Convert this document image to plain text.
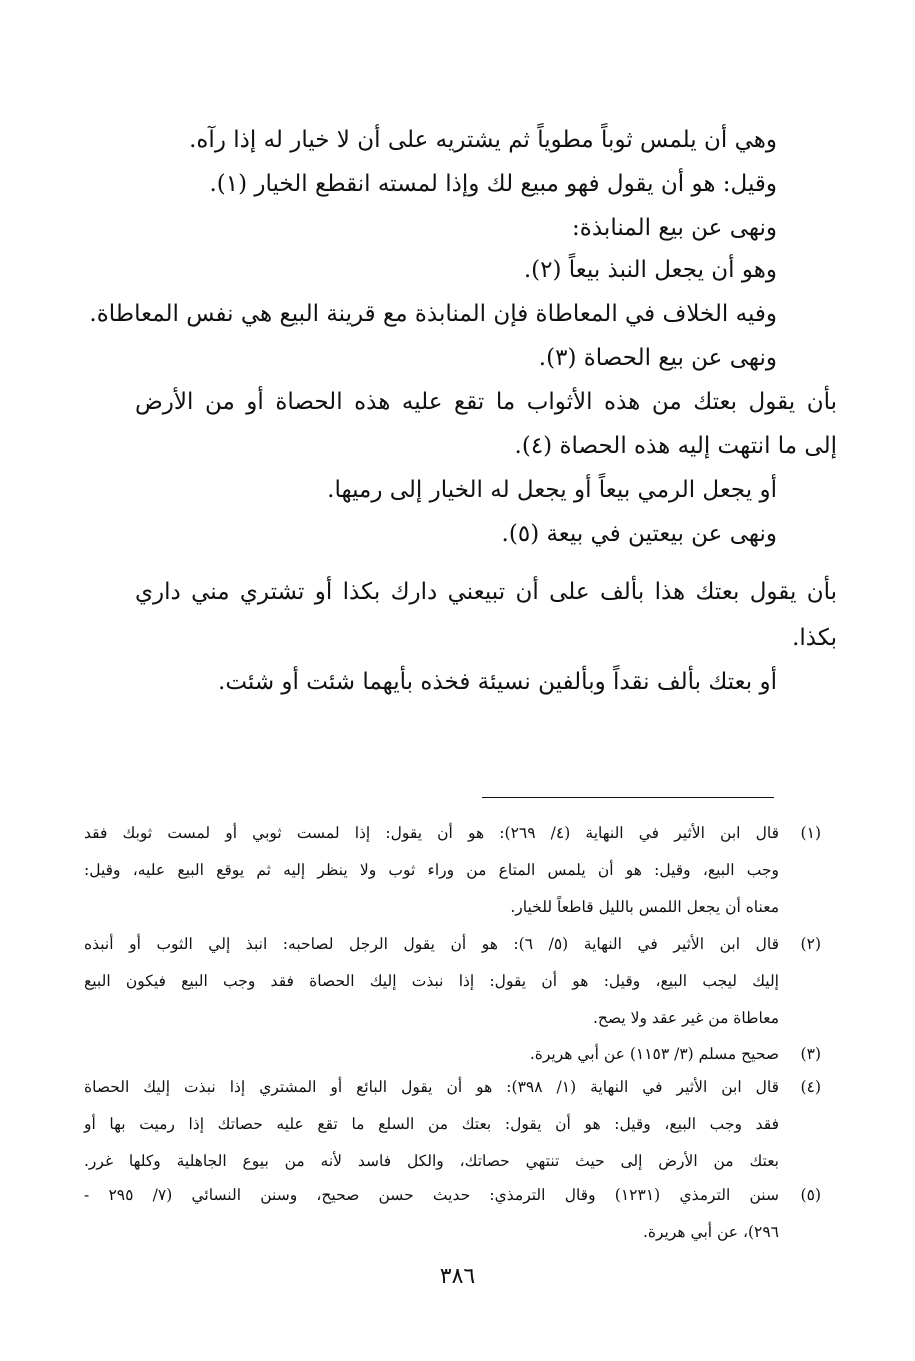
وهي أن يلمس ثوباً مطوياً ثم يشتريه على أن لا خيار له إذا رآه.
وقيل: هو أن يقول فهو مبيع لك وإذا لمسته انقطع الخيار (١).
ونهى عن بيع المنابذة:
وهو أن يجعل النبذ بيعاً (٢).
وفيه الخلاف في المعاطاة فإن المنابذة مع قرينة البيع هي نفس المعاطاة.
ونهى عن بيع الحصاة (٣).
بأن يقول بعتك من هذه الأثواب ما تقع عليه هذه الحصاة أو من الأرض
إلى ما انتهت إليه هذه الحصاة (٤).
أو يجعل الرمي بيعاً أو يجعل له الخيار إلى رميها.
ونهى عن بيعتين في بيعة (٥).
بأن يقول بعتك هذا بألف على أن تبيعني دارك بكذا أو تشتري مني داري
بكذا.
أو بعتك بألف نقداً وبألفين نسيئة فخذه بأيهما شئت أو شئت.
(١)
قال ابن الأثير في النهاية (٤/ ٢٦٩): هو أن يقول: إذا لمست ثوبي أو لمست ثوبك فقد
وجب البيع، وقيل: هو أن يلمس المتاع من وراء ثوب ولا ينظر إليه ثم يوقع البيع عليه، وقيل:
معناه أن يجعل اللمس بالليل قاطعاً للخيار.
(٢)
قال ابن الأثير في النهاية (٥/ ٦): هو أن يقول الرجل لصاحبه: انبذ إلي الثوب أو أنبذه
إليك ليجب البيع، وقيل: هو أن يقول: إذا نبذت إليك الحصاة فقد وجب البيع فيكون البيع
معاطاة من غير عقد ولا يصح.
(٣)
صحيح مسلم (٣/ ١١٥٣) عن أبي هريرة.
(٤)
قال ابن الأثير في النهاية (١/ ٣٩٨): هو أن يقول البائع أو المشتري إذا نبذت إليك الحصاة
فقد وجب البيع، وقيل: هو أن يقول: بعتك من السلع ما تقع عليه حصاتك إذا رميت بها أو
بعتك من الأرض إلى حيث تنتهي حصاتك، والكل فاسد لأنه من بيوع الجاهلية وكلها غرر.
(٥)
سنن الترمذي (١٢٣١) وقال الترمذي: حديث حسن صحيح، وسنن النسائي (٧/ ٢٩٥ -
٢٩٦)، عن أبي هريرة.
٣٨٦
